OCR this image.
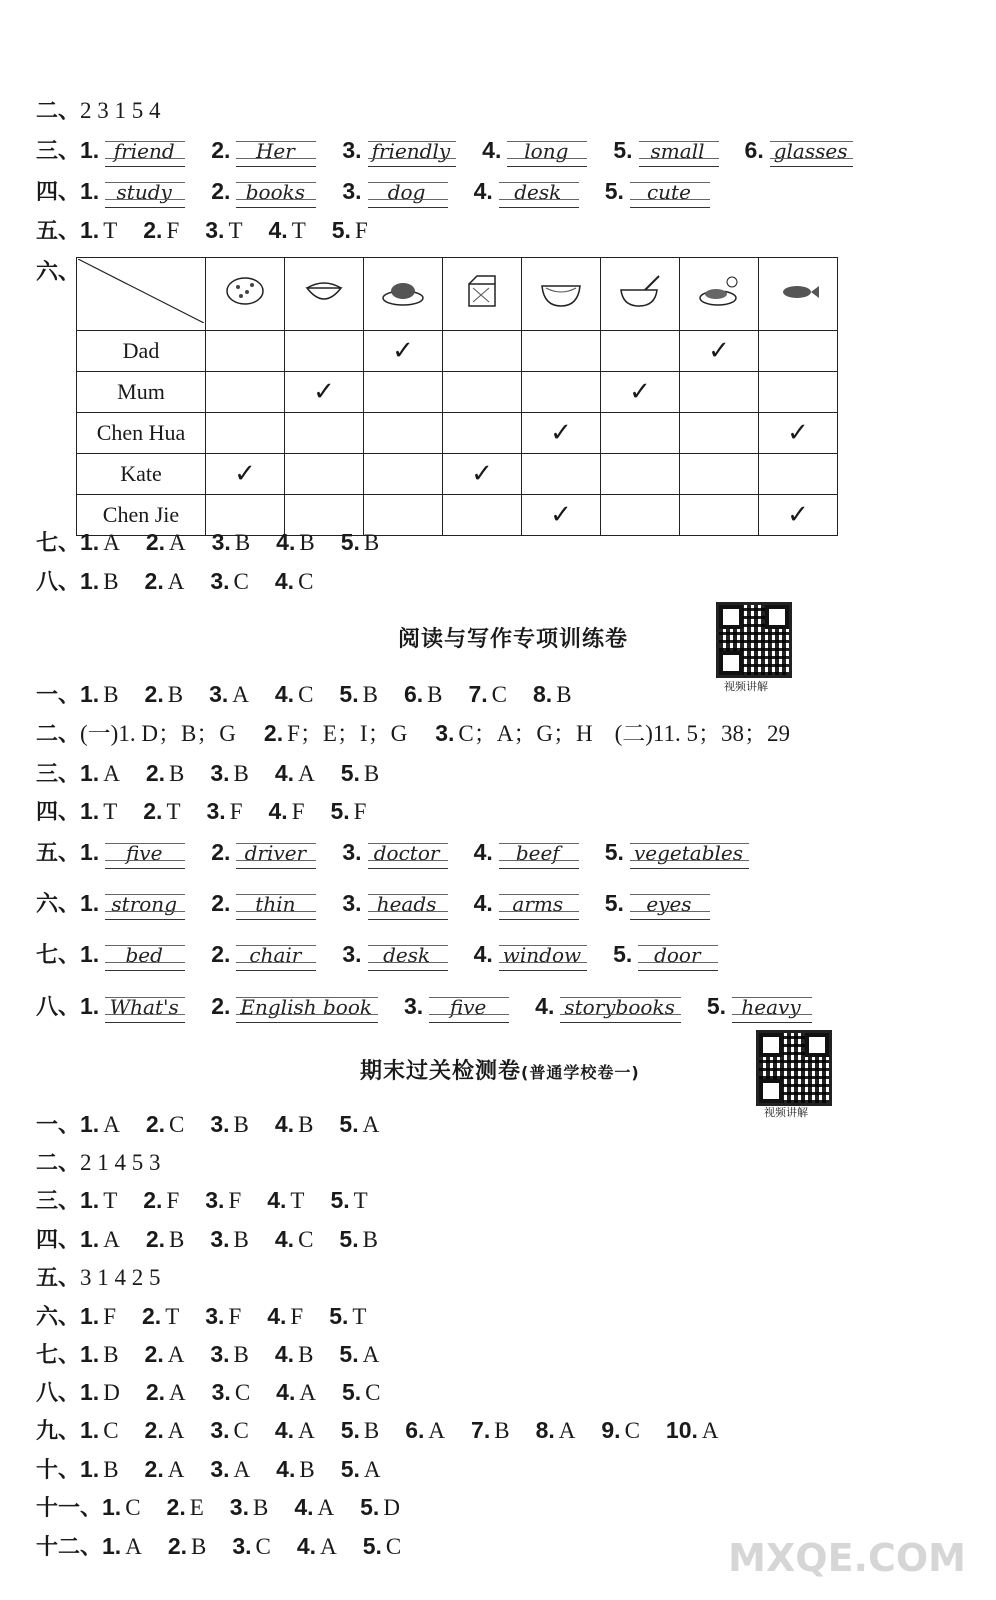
二、2 3 1 5 4
三、1. friend 2. Her 3. friendly 4. long 5. small 6. glasses
四、1. study 2. books 3. dog 4. desk 5. cute
五、1. T 2. F 3. T 4. T 5. F
六、

Dad			✓				✓	
Mum		✓				✓		
Chen Hua					✓			✓
Kate	✓			✓				
Chen Jie					✓			✓
七、1. A 2. A 3. B 4. B 5. B
八、1. B 2. A 3. C 4. C
阅读与写作专项训练卷
视频讲解
一、1. B 2. B 3. A 4. C 5. B 6. B 7. C 8. B
二、(一)1. D；B；G 2. F；E；I；G 3. C；A；G；H (二)11. 5；38；29
三、1. A 2. B 3. B 4. A 5. B
四、1. T 2. T 3. F 4. F 5. F
五、1. five 2. driver 3. doctor 4. beef 5. vegetables
六、1. strong 2. thin 3. heads 4. arms 5. eyes
七、1. bed 2. chair 3. desk 4. window 5. door
八、1. What's 2. English book 3. five 4. storybooks 5. heavy
期末过关检测卷(普通学校卷一)
视频讲解
一、1. A 2. C 3. B 4. B 5. A
二、2 1 4 5 3
三、1. T 2. F 3. F 4. T 5. T
四、1. A 2. B 3. B 4. C 5. B
五、3 1 4 2 5
六、1. F 2. T 3. F 4. F 5. T
七、1. B 2. A 3. B 4. B 5. A
八、1. D 2. A 3. C 4. A 5. C
九、1. C 2. A 3. C 4. A 5. B 6. A 7. B 8. A 9. C 10. A
十、1. B 2. A 3. A 4. B 5. A
十一、1. C 2. E 3. B 4. A 5. D
十二、1. A 2. B 3. C 4. A 5. C	MXQE.COM
